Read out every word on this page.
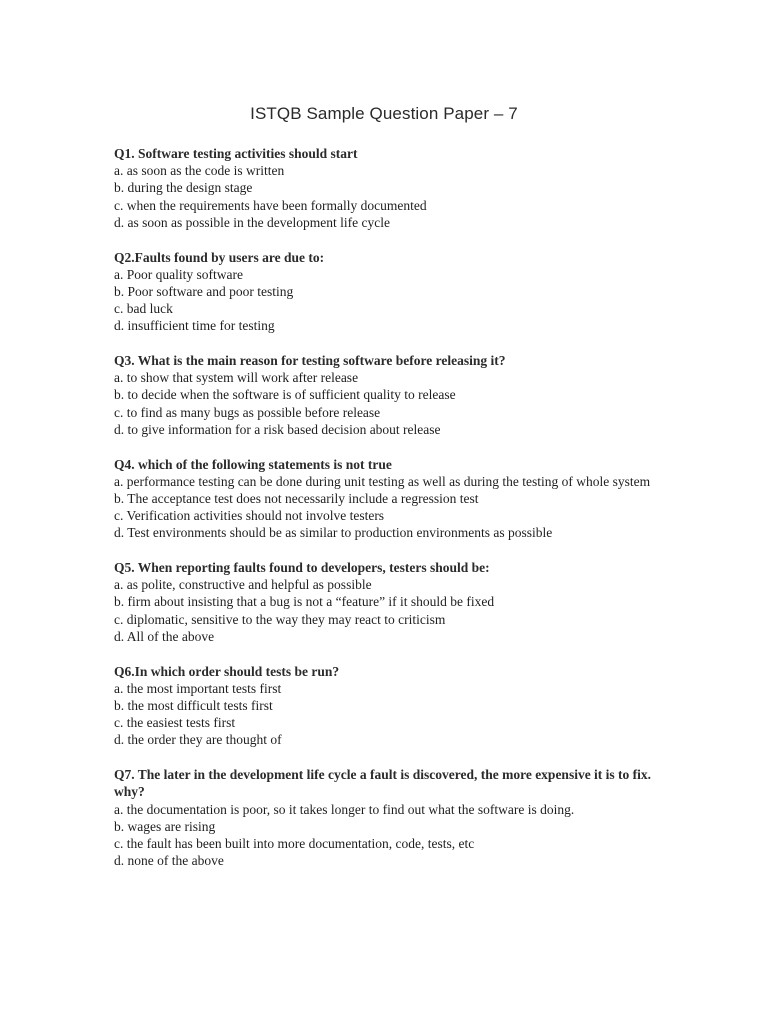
ISTQB Sample Question Paper – 7
Q1. Software testing activities should start
a. as soon as the code is written
b. during the design stage
c. when the requirements have been formally documented
d. as soon as possible in the development life cycle
Q2.Faults found by users are due to:
a. Poor quality software
b. Poor software and poor testing
c. bad luck
d. insufficient time for testing
Q3. What is the main reason for testing software before releasing it?
a. to show that system will work after release
b. to decide when the software is of sufficient quality to release
c. to find as many bugs as possible before release
d. to give information for a risk based decision about release
Q4. which of the following statements is not true
a. performance testing can be done during unit testing as well as during the testing of whole system
b. The acceptance test does not necessarily include a regression test
c. Verification activities should not involve testers
d. Test environments should be as similar to production environments as possible
Q5. When reporting faults found to developers, testers should be:
a. as polite, constructive and helpful as possible
b. firm about insisting that a bug is not a “feature” if it should be fixed
c. diplomatic, sensitive to the way they may react to criticism
d. All of the above
Q6.In which order should tests be run?
a. the most important tests first
b. the most difficult tests first
c. the easiest tests first
d. the order they are thought of
Q7. The later in the development life cycle a fault is discovered, the more expensive it is to fix. why?
a. the documentation is poor, so it takes longer to find out what the software is doing.
b. wages are rising
c. the fault has been built into more documentation, code, tests, etc
d. none of the above
